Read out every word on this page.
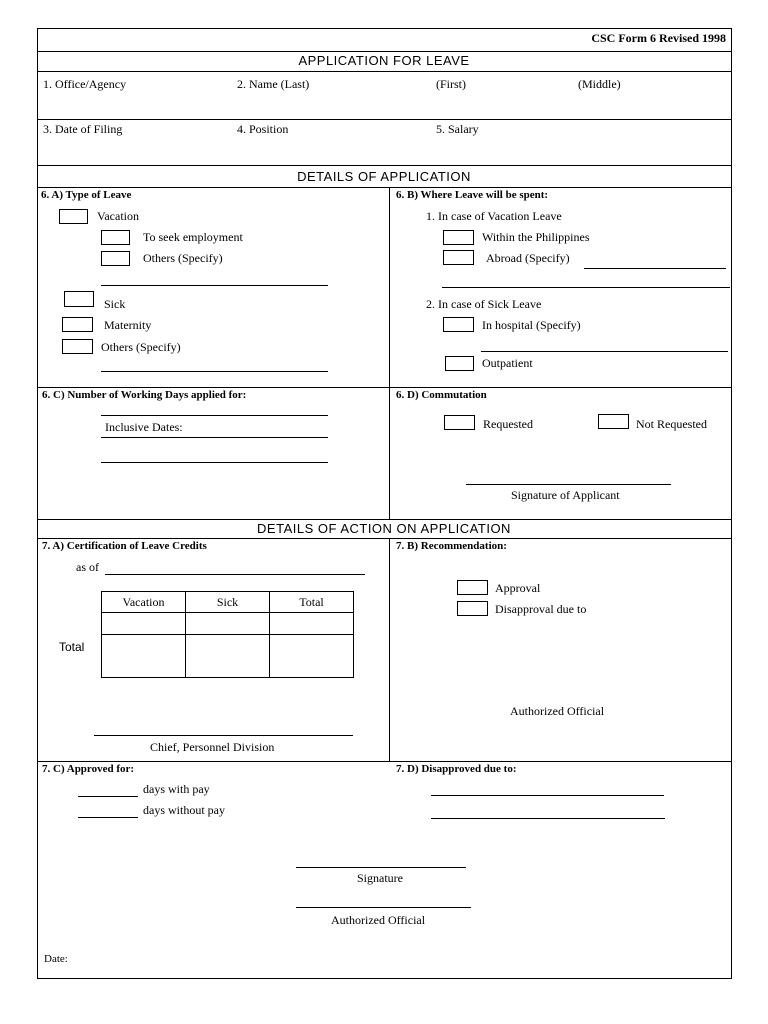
CSC Form 6 Revised 1998
APPLICATION FOR LEAVE
1. Office/Agency	2. Name (Last)	(First)	(Middle)
3. Date of Filing	4. Position	5. Salary
DETAILS OF APPLICATION
6. A) Type of Leave
Vacation
To seek employment
Others (Specify)
Sick
Maternity
Others (Specify)
6. B) Where Leave will be spent:
1. In case of Vacation Leave
Within the Philippines
Abroad (Specify)
2. In case of Sick Leave
In hospital (Specify)
Outpatient
6. C) Number of Working Days applied for:
Inclusive Dates:
6. D) Commutation
Requested	Not Requested
Signature of Applicant
DETAILS OF ACTION ON APPLICATION
7. A) Certification of Leave Credits
as of
Vacation	Sick	Total

Total
Chief, Personnel Division
7. B) Recommendation:
Approval
Disapproval due to
Authorized Official
7. C) Approved for:
days with pay
days without pay
7. D) Disapproved due to:
Signature
Authorized Official
Date:
